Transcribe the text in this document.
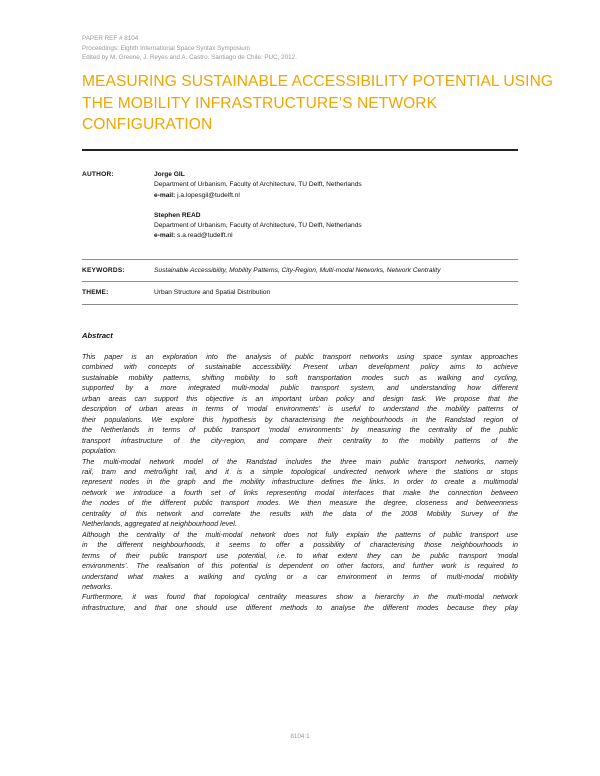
PAPER REF # 8104
Proceedings: Eighth International Space Syntax Symposium
Edited by M. Greene, J. Reyes and A. Castro. Santiago de Chile: PUC, 2012.
MEASURING SUSTAINABLE ACCESSIBILITY POTENTIAL USING
THE MOBILITY INFRASTRUCTURE’S NETWORK
CONFIGURATION
AUTHOR:	Jorge GIL
Department of Urbanism, Faculty of Architecture, TU Delft, Netherlands
e-mail: j.a.lopesgil@tudelft.nl
Stephen READ
Department of Urbanism, Faculty of Architecture, TU Delft, Netherlands
e-mail: s.a.read@tudelft.nl
KEYWORDS:	Sustainable Accessibility, Mobility Patterns, City-Region, Multi-modal Networks, Network Centrality
THEME:	Urban Structure and Spatial Distribution
Abstract
This paper is an exploration into the analysis of public transport networks using space syntax approaches
combined with concepts of sustainable accessibility. Present urban development policy aims to achieve
sustainable mobility patterns, shifting mobility to soft transportation modes such as walking and cycling,
supported by a more integrated multi-modal public transport system, and understanding how different
urban areas can support this objective is an important urban policy and design task. We propose that the
description of urban areas in terms of ‘modal environments’ is useful to understand the mobility patterns of
their populations. We explore this hypothesis by characterising the neighbourhoods in the Randstad region of
the Netherlands in terms of public transport ‘modal environments’ by measuring the centrality of the public
transport infrastructure of the city-region, and compare their centrality to the mobility patterns of the
population.
The multi-modal network model of the Randstad includes the three main public transport networks, namely
rail, tram and metro/light rail, and it is a simple topological undirected network where the stations or stops
represent nodes in the graph and the mobility infrastructure defines the links. In order to create a multimodal
network we introduce a fourth set of links representing modal interfaces that make the connection between
the nodes of the different public transport modes. We then measure the degree, closeness and betweenness
centrality of this network and correlate the results with the data of the 2008 Mobility Survey of the
Netherlands, aggregated at neighbourhood level.
Although the centrality of the multi-modal network does not fully explain the patterns of public transport use
in the different neighbourhoods, it seems to offer a possibility of characterising those neighbourhoods in
terms of their public transport use potential, i.e. to what extent they can be public transport ‘modal
environments’. The realisation of this potential is dependent on other factors, and further work is required to
understand what makes a walking and cycling or a car environment in terms of multi-modal mobility
networks.
Furthermore, it was found that topological centrality measures show a hierarchy in the multi-modal network
infrastructure, and that one should use different methods to analyse the different modes because they play
8104:1
